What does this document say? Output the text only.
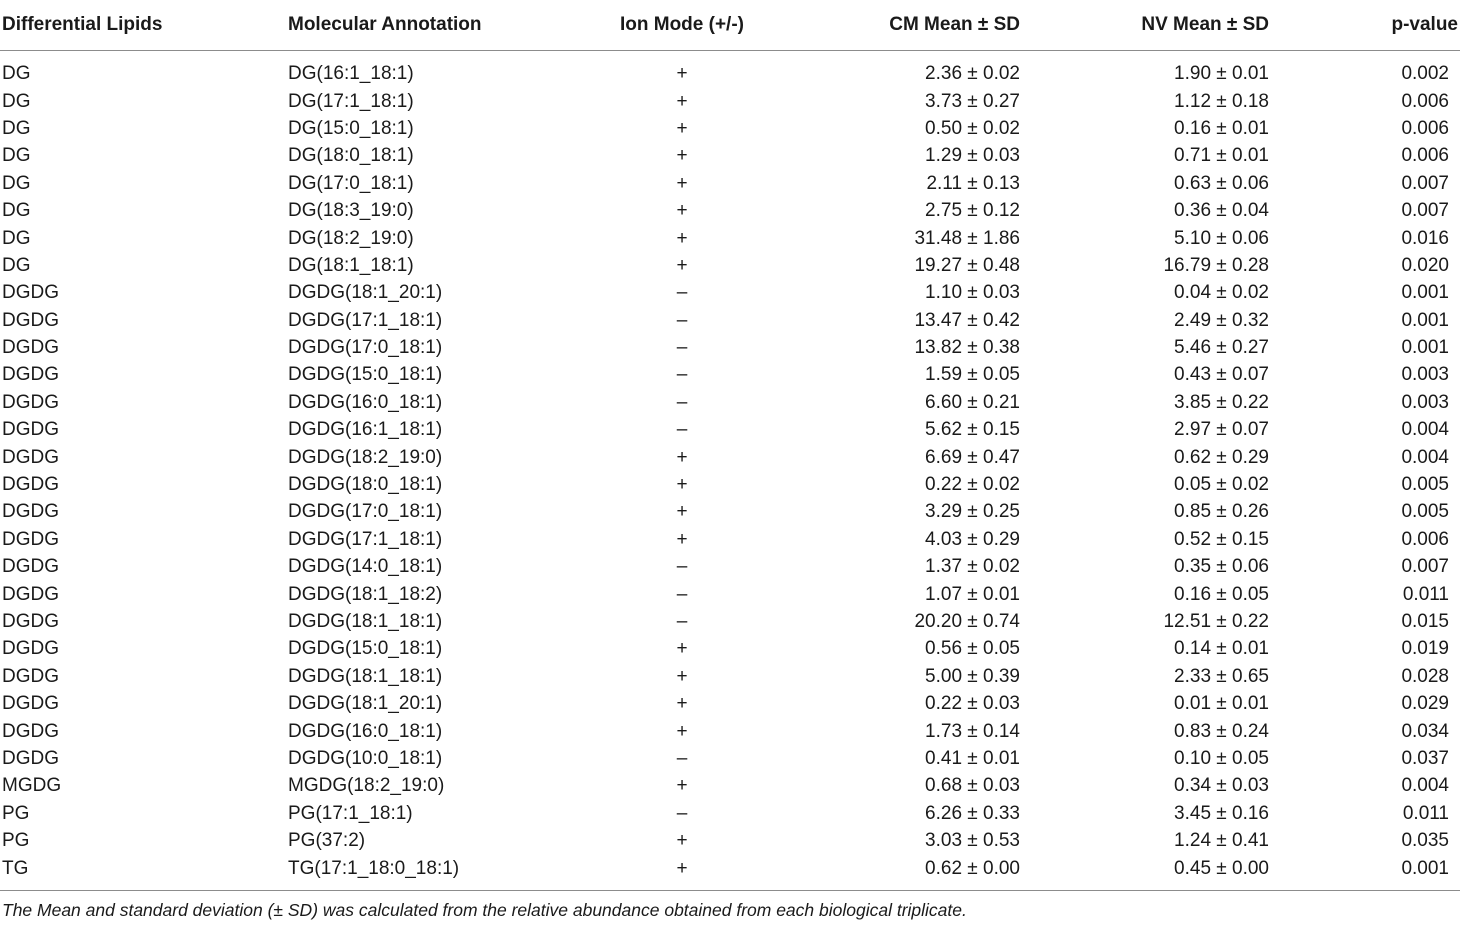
Differential Lipids	Molecular Annotation	Ion Mode (+/-)	CM Mean ± SD	NV Mean ± SD	p-value
DG	DG(16:1_18:1)	+	2.36 ± 0.02	1.90 ± 0.01	0.002
DG	DG(17:1_18:1)	+	3.73 ± 0.27	1.12 ± 0.18	0.006
DG	DG(15:0_18:1)	+	0.50 ± 0.02	0.16 ± 0.01	0.006
DG	DG(18:0_18:1)	+	1.29 ± 0.03	0.71 ± 0.01	0.006
DG	DG(17:0_18:1)	+	2.11 ± 0.13	0.63 ± 0.06	0.007
DG	DG(18:3_19:0)	+	2.75 ± 0.12	0.36 ± 0.04	0.007
DG	DG(18:2_19:0)	+	31.48 ± 1.86	5.10 ± 0.06	0.016
DG	DG(18:1_18:1)	+	19.27 ± 0.48	16.79 ± 0.28	0.020
DGDG	DGDG(18:1_20:1)	–	1.10 ± 0.03	0.04 ± 0.02	0.001
DGDG	DGDG(17:1_18:1)	–	13.47 ± 0.42	2.49 ± 0.32	0.001
DGDG	DGDG(17:0_18:1)	–	13.82 ± 0.38	5.46 ± 0.27	0.001
DGDG	DGDG(15:0_18:1)	–	1.59 ± 0.05	0.43 ± 0.07	0.003
DGDG	DGDG(16:0_18:1)	–	6.60 ± 0.21	3.85 ± 0.22	0.003
DGDG	DGDG(16:1_18:1)	–	5.62 ± 0.15	2.97 ± 0.07	0.004
DGDG	DGDG(18:2_19:0)	+	6.69 ± 0.47	0.62 ± 0.29	0.004
DGDG	DGDG(18:0_18:1)	+	0.22 ± 0.02	0.05 ± 0.02	0.005
DGDG	DGDG(17:0_18:1)	+	3.29 ± 0.25	0.85 ± 0.26	0.005
DGDG	DGDG(17:1_18:1)	+	4.03 ± 0.29	0.52 ± 0.15	0.006
DGDG	DGDG(14:0_18:1)	–	1.37 ± 0.02	0.35 ± 0.06	0.007
DGDG	DGDG(18:1_18:2)	–	1.07 ± 0.01	0.16 ± 0.05	0.011
DGDG	DGDG(18:1_18:1)	–	20.20 ± 0.74	12.51 ± 0.22	0.015
DGDG	DGDG(15:0_18:1)	+	0.56 ± 0.05	0.14 ± 0.01	0.019
DGDG	DGDG(18:1_18:1)	+	5.00 ± 0.39	2.33 ± 0.65	0.028
DGDG	DGDG(18:1_20:1)	+	0.22 ± 0.03	0.01 ± 0.01	0.029
DGDG	DGDG(16:0_18:1)	+	1.73 ± 0.14	0.83 ± 0.24	0.034
DGDG	DGDG(10:0_18:1)	–	0.41 ± 0.01	0.10 ± 0.05	0.037
MGDG	MGDG(18:2_19:0)	+	0.68 ± 0.03	0.34 ± 0.03	0.004
PG	PG(17:1_18:1)	–	6.26 ± 0.33	3.45 ± 0.16	0.011
PG	PG(37:2)	+	3.03 ± 0.53	1.24 ± 0.41	0.035
TG	TG(17:1_18:0_18:1)	+	0.62 ± 0.00	0.45 ± 0.00	0.001
The Mean and standard deviation (± SD) was calculated from the relative abundance obtained from each biological triplicate.
